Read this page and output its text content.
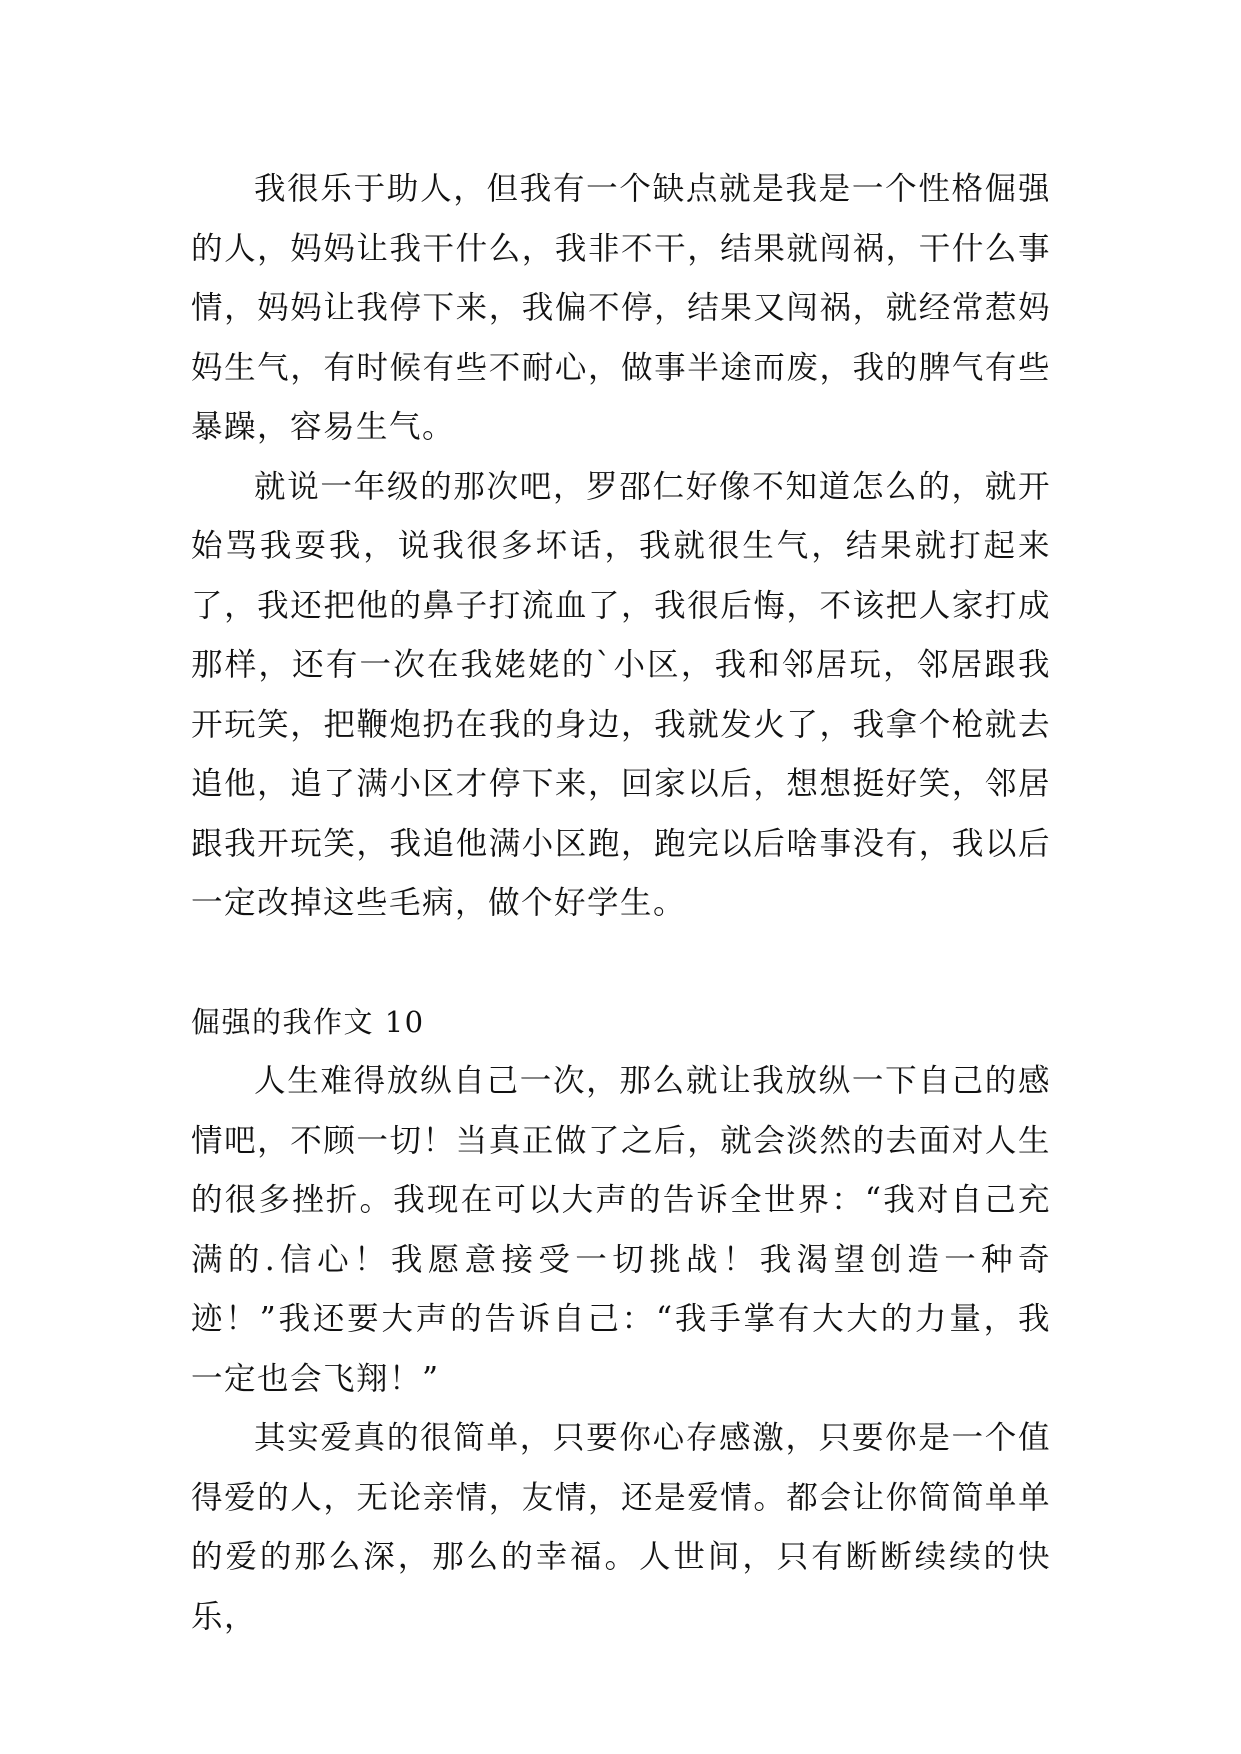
我很乐于助人，但我有一个缺点就是我是一个性格倔强的人，妈妈让我干什么，我非不干，结果就闯祸，干什么事情，妈妈让我停下来，我偏不停，结果又闯祸，就经常惹妈妈生气，有时候有些不耐心，做事半途而废，我的脾气有些暴躁，容易生气。

就说一年级的那次吧，罗邵仁好像不知道怎么的，就开始骂我耍我，说我很多坏话，我就很生气，结果就打起来了，我还把他的鼻子打流血了，我很后悔，不该把人家打成那样，还有一次在我姥姥的`小区，我和邻居玩，邻居跟我开玩笑，把鞭炮扔在我的身边，我就发火了，我拿个枪就去追他，追了满小区才停下来，回家以后，想想挺好笑，邻居跟我开玩笑，我追他满小区跑，跑完以后啥事没有，我以后一定改掉这些毛病，做个好学生。

倔强的我作文 10

人生难得放纵自己一次，那么就让我放纵一下自己的感情吧，不顾一切！当真正做了之后，就会淡然的去面对人生的很多挫折。我现在可以大声的告诉全世界：“我对自己充满的.信心！我愿意接受一切挑战！我渴望创造一种奇迹！”我还要大声的告诉自己：“我手掌有大大的力量，我一定也会飞翔！”

其实爱真的很简单，只要你心存感激，只要你是一个值得爱的人，无论亲情，友情，还是爱情。都会让你简简单单的爱的那么深，那么的幸福。人世间，只有断断续续的快乐，
